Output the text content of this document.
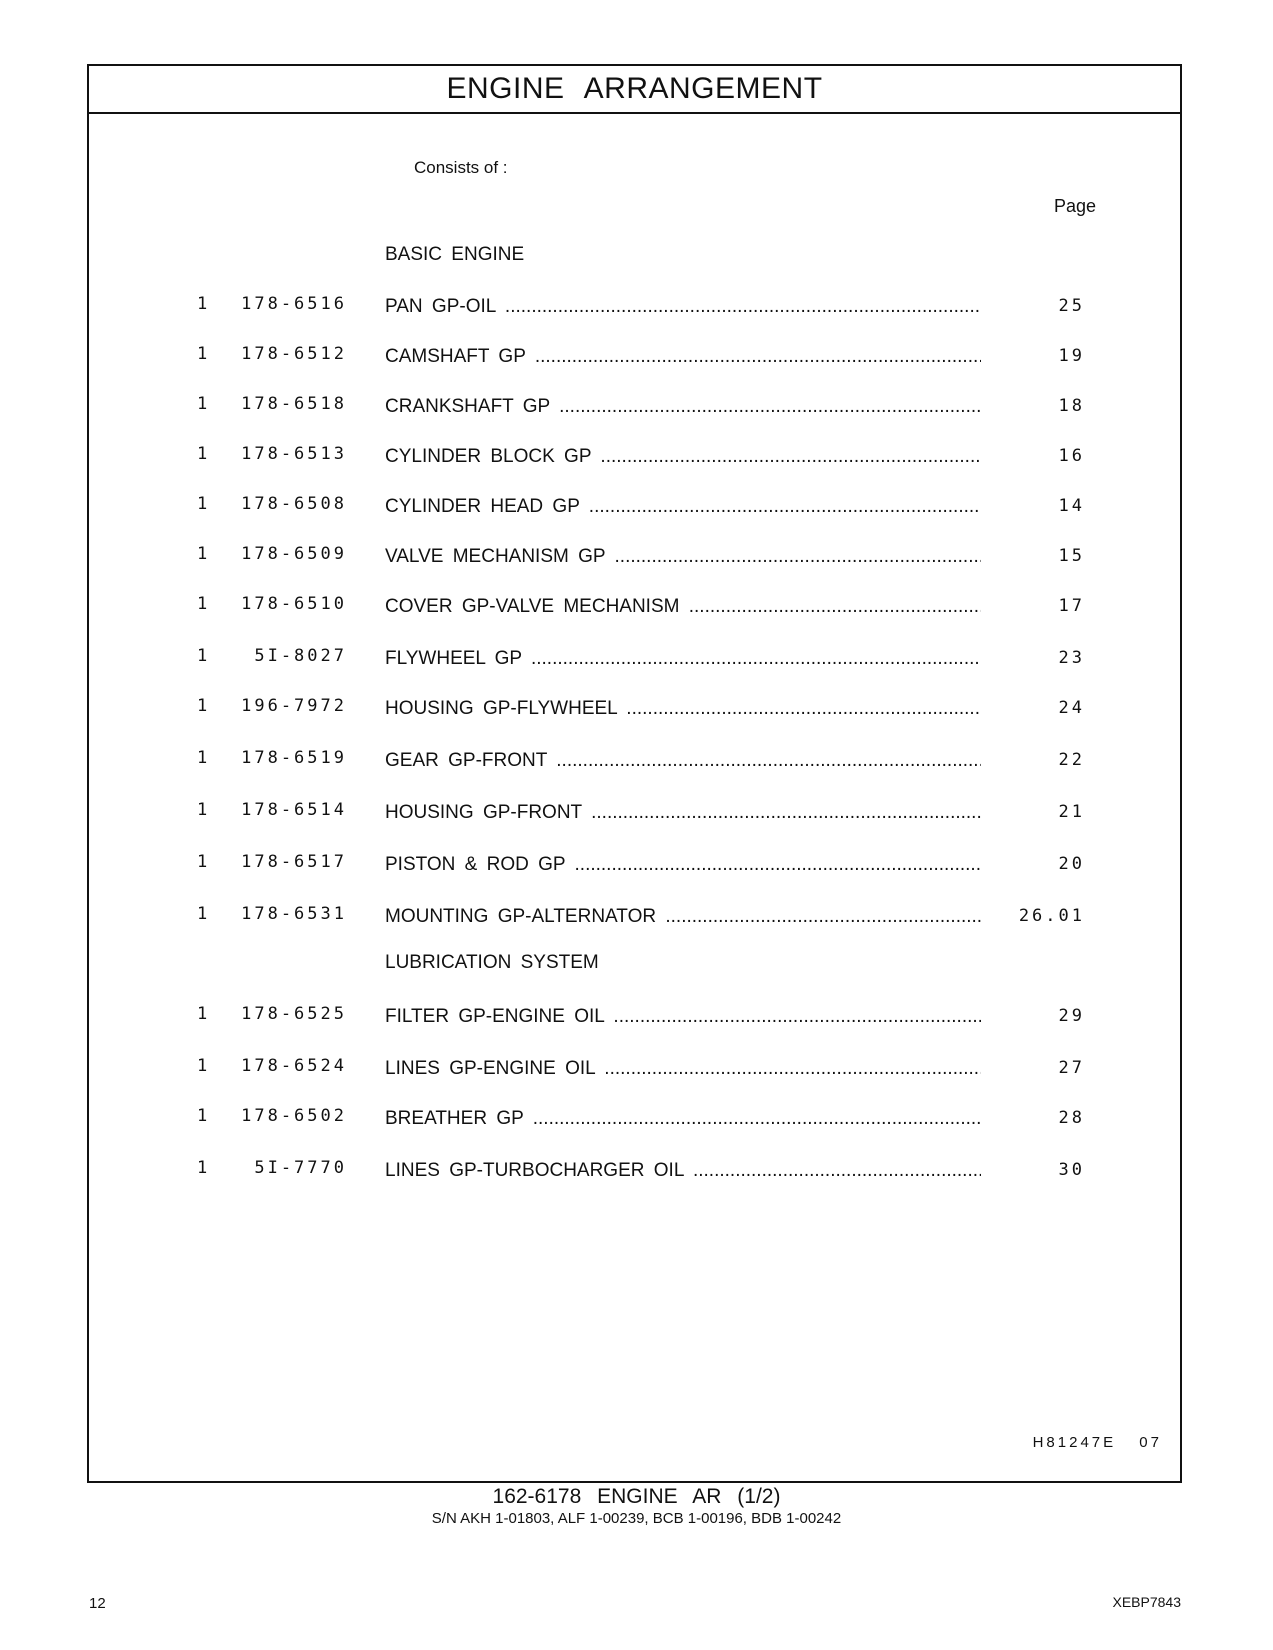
ENGINE ARRANGEMENT
Consists of :
Page
BASIC ENGINE
1 178-6516 PAN GP-OIL .....	25
1 178-6512 CAMSHAFT GP .....	19
1 178-6518 CRANKSHAFT GP .....	18
1 178-6513 CYLINDER BLOCK GP .....	16
1 178-6508 CYLINDER HEAD GP .....	14
1 178-6509 VALVE MECHANISM GP .....	15
1 178-6510 COVER GP-VALVE MECHANISM .....	17
1	5I-8027 FLYWHEEL GP .....	23
1 196-7972 HOUSING GP-FLYWHEEL .....	24
1 178-6519 GEAR GP-FRONT .....	22
1 178-6514 HOUSING GP-FRONT .....	21
1 178-6517 PISTON & ROD GP .....	20
1 178-6531 MOUNTING GP-ALTERNATOR .....	26.01
LUBRICATION SYSTEM
1 178-6525 FILTER GP-ENGINE OIL .....	29
1 178-6524 LINES GP-ENGINE OIL .....	27
1 178-6502 BREATHER GP .....	28
1	5I-7770 LINES GP-TURBOCHARGER OIL .....	30
H81247E 07
162-6178 ENGINE AR (1/2)
S/N AKH 1-01803, ALF 1-00239, BCB 1-00196, BDB 1-00242
12	XEBP7843
